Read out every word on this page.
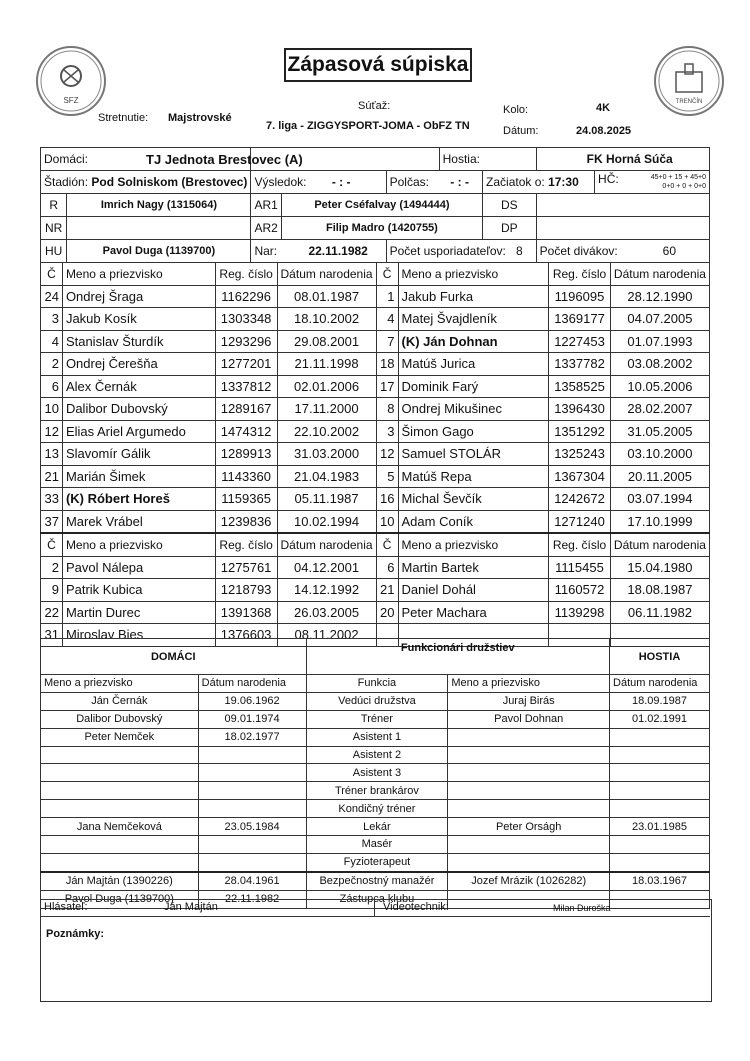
SFZ	TRENČÍN
Zápasová súpiska
Stretnutie: Majstrovské
Súťaž:
7. liga - ZIGGYSPORT-JOMA - ObFZ TN
Kolo:	4K
Dátum:	24.08.2025
Domáci: TJ Jednota Brestovec (A)					Hostia:		FK Horná Súča	
Štadión: Pod Solniskom (Brestovec)		Výsledok: - : -		Polčas: - : -		Začiatok o: 17:30		HČ: 45+0 + 15 + 45+0
0+0 + 0 + 0+0

R	Imrich Nagy (1315064)	AR1	Peter Cséfalvay (1494444)			DS		
NR		AR2	Filip Madro (1420755)			DP		
HU	Pavol Duga (1139700)	Nar: 22.11.1982		Počet usporiadateľov: 8			Počet divákov: 60	
Č	Meno a priezvisko	Reg. číslo	Dátum narodenia	Č	Meno a priezvisko	Reg. číslo	Dátum narodenia
24	Ondrej Šraga	1162296	08.01.1987	1	Jakub Furka	1196095	28.12.1990
3	Jakub Kosík	1303348	18.10.2002	4	Matej Švajdleník	1369177	04.07.2005
4	Stanislav Šturdík	1293296	29.08.2001	7	(K) Ján Dohnan	1227453	01.07.1993
2	Ondrej Čerešňa	1277201	21.11.1998	18	Matúš Jurica	1337782	03.08.2002
6	Alex Černák	1337812	02.01.2006	17	Dominik Farý	1358525	10.05.2006
10	Dalibor Dubovský	1289167	17.11.2000	8	Ondrej Mikušinec	1396430	28.02.2007
12	Elias Ariel Argumedo	1474312	22.10.2002	3	Šimon Gago	1351292	31.05.2005
13	Slavomír Gálik	1289913	31.03.2000	12	Samuel STOLÁR	1325243	03.10.2000
21	Marián Šimek	1143360	21.04.1983	5	Matúš Repa	1367304	20.11.2005
33	(K) Róbert Horeš	1159365	05.11.1987	16	Michal Ševčík	1242672	03.07.1994
37	Marek Vrábel	1239836	10.02.1994	10	Adam Coník	1271240	17.10.1999
Č	Meno a priezvisko	Reg. číslo	Dátum narodenia	Č	Meno a priezvisko	Reg. číslo	Dátum narodenia
2	Pavol Nálepa	1275761	04.12.2001	6	Martin Bartek	1115455	15.04.1980
9	Patrik Kubica	1218793	14.12.1992	21	Daniel Dohál	1160572	18.08.1987
22	Martin Durec	1391368	26.03.2005	20	Peter Machara	1139298	06.11.1982
31	Miroslav Bies	1376603	08.11.2002				
DOMÁCI		Funkcionári družstiev		HOSTIA
Meno a priezvisko	Dátum narodenia	Funkcia	Meno a priezvisko	Dátum narodenia
Ján Černák	19.06.1962	Vedúci družstva	Juraj Birás	18.09.1987
Dalibor Dubovský	09.01.1974	Tréner	Pavol Dohnan	01.02.1991
Peter Nemček	18.02.1977	Asistent 1		
		Asistent 2		
		Asistent 3		
		Tréner brankárov		
		Kondičný tréner		
Jana Nemčeková	23.05.1984	Lekár	Peter Orságh	23.01.1985
		Masér		
		Fyzioterapeut		
Ján Majtán (1390226)	28.04.1961	Bezpečnostný manažér	Jozef Mrázik (1026282)	18.03.1967
Pavol Duga (1139700)	22.11.1982	Zástupca klubu		
Hlásateľ:	Ján Majtán	Videotechnik:	Milan Duroška
Poznámky:
